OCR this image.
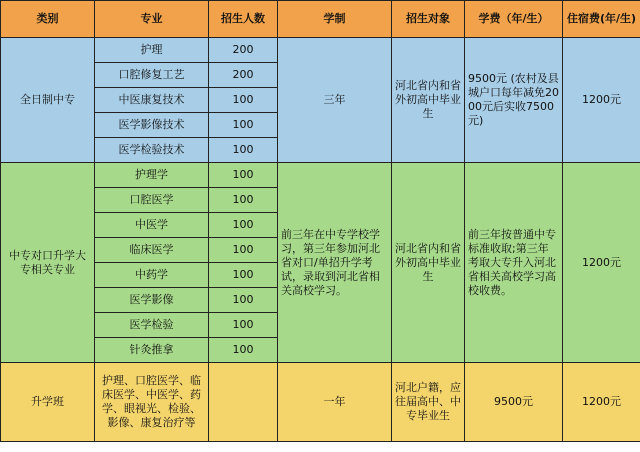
类别	专业	招生人数	学制	招生对象	学费（年/生）	住宿费(年/生)
全日制中专	护理	200	三年	河北省内和省外初高中毕业生	9500元 (农村及县城户口每年减免2000元后实收7500元)	1200元
	口腔修复工艺	200				
	中医康复技术	100				
	医学影像技术	100				
	医学检验技术	100				
中专对口升学大专相关专业	护理学	100	前三年在中专学校学习，第三年参加河北省对口/单招升学考试，录取到河北省相关高校学习。	河北省内和省外初高中毕业生	前三年按普通中专标准收取;第三年考取大专升入河北省相关高校学习高校收费。	1200元
	口腔医学	100				
	中医学	100				
	临床医学	100				
	中药学	100				
	医学影像	100				
	医学检验	100				
	针灸推拿	100				
升学班	护理、口腔医学、临床医学、中医学、药学、眼视光、检验、影像、康复治疗等		一年	河北户籍，应往届高中、中专毕业生	9500元	1200元
